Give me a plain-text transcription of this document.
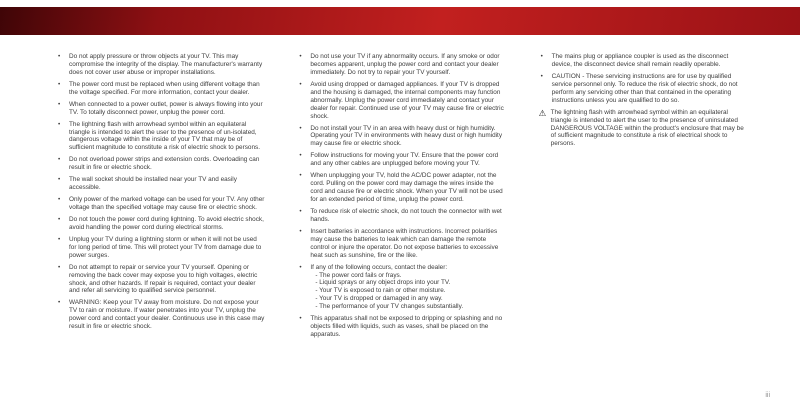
•	Do not apply pressure or throw objects at your TV. This may compromise the integrity of the display. The manufacturer's warranty does not cover user abuse or improper installations.
•	The power cord must be replaced when using different voltage than the voltage specified. For more information, contact your dealer.
•	When connected to a power outlet, power is always flowing into your TV. To totally disconnect power, unplug the power cord.
•	The lightning flash with arrowhead symbol within an equilateral triangle is intended to alert the user to the presence of un-isolated, dangerous voltage within the inside of your TV that may be of sufficient magnitude to constitute a risk of electric shock to persons.
•	Do not overload power strips and extension cords. Overloading can result in fire or electric shock.
•	The wall socket should be installed near your TV and easily accessible.
•	Only power of the marked voltage can be used for your TV. Any other voltage than the specified voltage may cause fire or electric shock.
•	Do not touch the power cord during lightning. To avoid electric shock, avoid handling the power cord during electrical storms.
•	Unplug your TV during a lightning storm or when it will not be used for long period of time. This will protect your TV from damage due to power surges.
•	Do not attempt to repair or service your TV yourself. Opening or removing the back cover may expose you to high voltages, electric shock, and other hazards. If repair is required, contact your dealer and refer all servicing to qualified service personnel.
•	WARNING: Keep your TV away from moisture. Do not expose your TV to rain or moisture. If water penetrates into your TV, unplug the power cord and contact your dealer. Continuous use in this case may result in fire or electric shock.
•	Do not use your TV if any abnormality occurs. If any smoke or odor becomes apparent, unplug the power cord and contact your dealer immediately. Do not try to repair your TV yourself.
•	Avoid using dropped or damaged appliances. If your TV is dropped and the housing is damaged, the internal components may function abnormally. Unplug the power cord immediately and contact your dealer for repair. Continued use of your TV may cause fire or electric shock.
•	Do not install your TV in an area with heavy dust or high humidity. Operating your TV in environments with heavy dust or high humidity may cause fire or electric shock.
•	Follow instructions for moving your TV. Ensure that the power cord and any other cables are unplugged before moving your TV.
•	When unplugging your TV, hold the AC/DC power adapter, not the cord. Pulling on the power cord may damage the wires inside the cord and cause fire or electric shock. When your TV will not be used for an extended period of time, unplug the power cord.
•	To reduce risk of electric shock, do not touch the connector with wet hands.
•	Insert batteries in accordance with instructions. Incorrect polarities may cause the batteries to leak which can damage the remote control or injure the operator. Do not expose batteries to excessive heat such as sunshine, fire or the like.
•	If any of the following occurs, contact the dealer:
- The power cord fails or frays.
- Liquid sprays or any object drops into your TV.
- Your TV is exposed to rain or other moisture.
- Your TV is dropped or damaged in any way.
- The performance of your TV changes substantially.
•	This apparatus shall not be exposed to dripping or splashing and no objects filled with liquids, such as vases, shall be placed on the apparatus.
•	The mains plug or appliance coupler is used as the disconnect device, the disconnect device shall remain readily operable.
•	CAUTION - These servicing instructions are for use by qualified service personnel only. To reduce the risk of electric shock, do not perform any servicing other than that contained in the operating instructions unless you are qualified to do so.
⚠ The lightning flash with arrowhead symbol within an equilateral triangle is intended to alert the user to the presence of uninsulated DANGEROUS VOLTAGE within the product's enclosure that may be of sufficient magnitude to constitute a risk of electrical shock to persons.
iii
